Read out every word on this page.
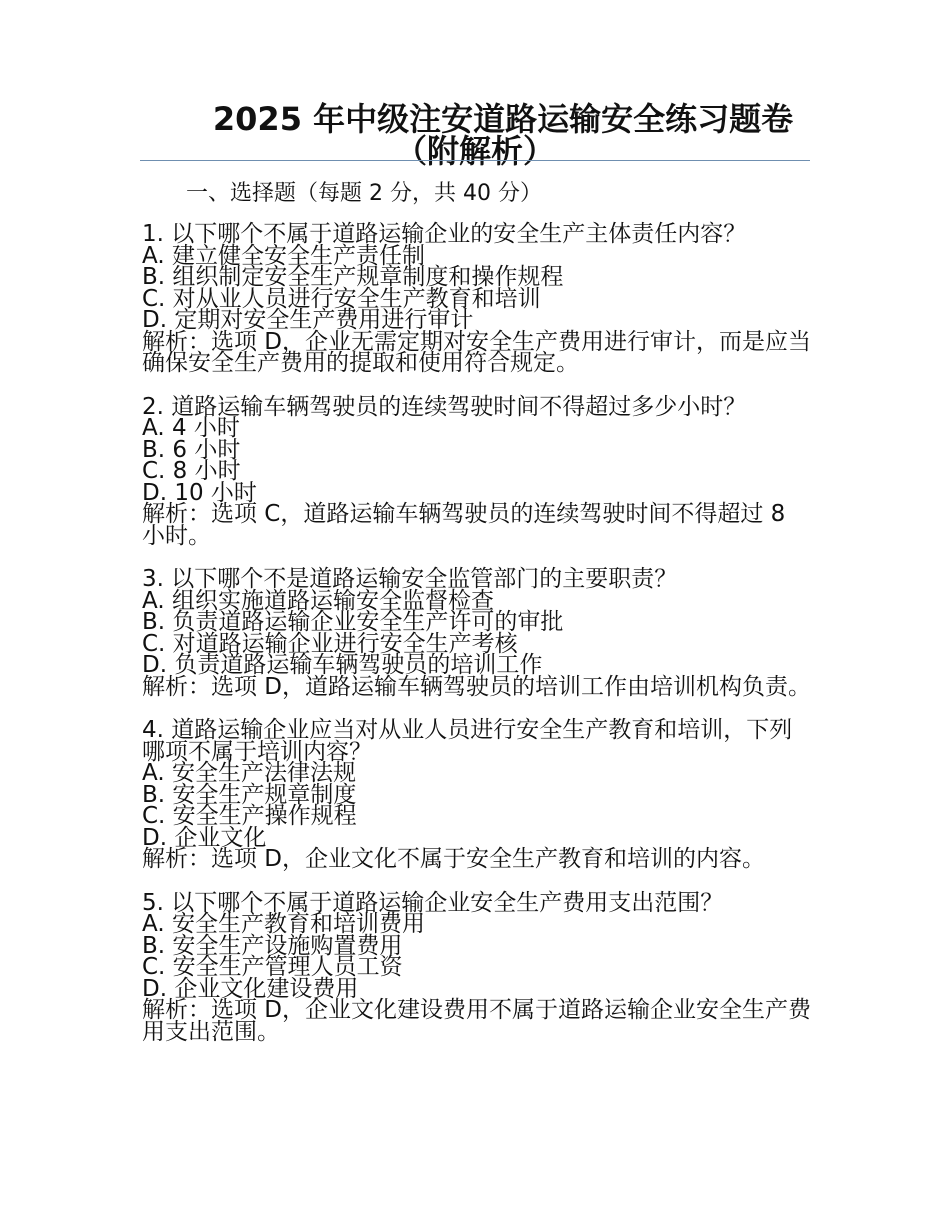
2025 年中级注安道路运输安全练习题卷
（附解析）
一、选择题（每题 2 分，共 40 分）
1. 以下哪个不属于道路运输企业的安全生产主体责任内容？
A. 建立健全安全生产责任制
B. 组织制定安全生产规章制度和操作规程
C. 对从业人员进行安全生产教育和培训
D. 定期对安全生产费用进行审计
解析：选项 D，企业无需定期对安全生产费用进行审计，而是应当确保安全生产费用的提取和使用符合规定。
2. 道路运输车辆驾驶员的连续驾驶时间不得超过多少小时？
A. 4 小时
B. 6 小时
C. 8 小时
D. 10 小时
解析：选项 C，道路运输车辆驾驶员的连续驾驶时间不得超过 8 小时。
3. 以下哪个不是道路运输安全监管部门的主要职责？
A. 组织实施道路运输安全监督检查
B. 负责道路运输企业安全生产许可的审批
C. 对道路运输企业进行安全生产考核
D. 负责道路运输车辆驾驶员的培训工作
解析：选项 D，道路运输车辆驾驶员的培训工作由培训机构负责。
4. 道路运输企业应当对从业人员进行安全生产教育和培训，下列哪项不属于培训内容？
A. 安全生产法律法规
B. 安全生产规章制度
C. 安全生产操作规程
D. 企业文化
解析：选项 D，企业文化不属于安全生产教育和培训的内容。
5. 以下哪个不属于道路运输企业安全生产费用支出范围？
A. 安全生产教育和培训费用
B. 安全生产设施购置费用
C. 安全生产管理人员工资
D. 企业文化建设费用
解析：选项 D，企业文化建设费用不属于道路运输企业安全生产费用支出范围。
